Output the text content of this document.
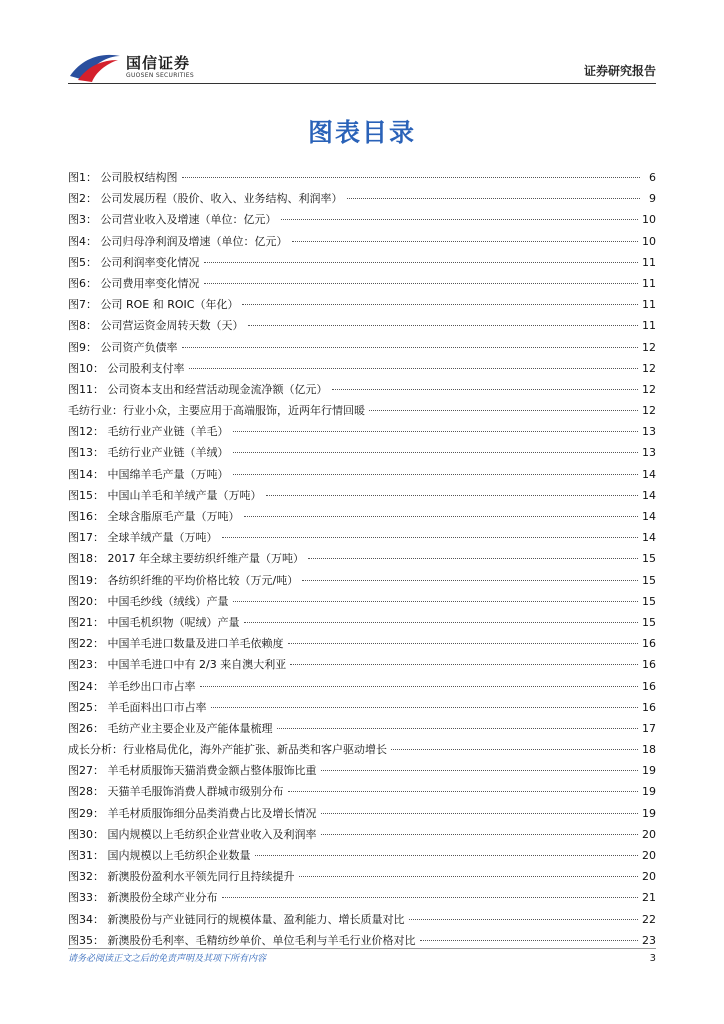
国信证券
GUOSEN SECURITIES	证券研究报告
图表目录
图1： 公司股权结构图	6
图2： 公司发展历程（股价、收入、业务结构、利润率）	9
图3： 公司营业收入及增速（单位：亿元）	10
图4： 公司归母净利润及增速（单位：亿元）	10
图5： 公司利润率变化情况	11
图6： 公司费用率变化情况	11
图7： 公司 ROE 和 ROIC（年化）	11
图8： 公司营运资金周转天数（天）	11
图9： 公司资产负债率	12
图10： 公司股利支付率	12
图11： 公司资本支出和经营活动现金流净额（亿元）	12
毛纺行业：行业小众，主要应用于高端服饰，近两年行情回暖	12
图12： 毛纺行业产业链（羊毛）	13
图13： 毛纺行业产业链（羊绒）	13
图14： 中国绵羊毛产量（万吨）	14
图15： 中国山羊毛和羊绒产量（万吨）	14
图16： 全球含脂原毛产量（万吨）	14
图17： 全球羊绒产量（万吨）	14
图18： 2017 年全球主要纺织纤维产量（万吨）	15
图19： 各纺织纤维的平均价格比较（万元/吨）	15
图20： 中国毛纱线（绒线）产量	15
图21： 中国毛机织物（呢绒）产量	15
图22： 中国羊毛进口数量及进口羊毛依赖度	16
图23： 中国羊毛进口中有 2/3 来自澳大利亚	16
图24： 羊毛纱出口市占率	16
图25： 羊毛面料出口市占率	16
图26： 毛纺产业主要企业及产能体量梳理	17
成长分析：行业格局优化，海外产能扩张、新品类和客户驱动增长	18
图27： 羊毛材质服饰天猫消费金额占整体服饰比重	19
图28： 天猫羊毛服饰消费人群城市级别分布	19
图29： 羊毛材质服饰细分品类消费占比及增长情况	19
图30： 国内规模以上毛纺织企业营业收入及利润率	20
图31： 国内规模以上毛纺织企业数量	20
图32： 新澳股份盈利水平领先同行且持续提升	20
图33： 新澳股份全球产业分布	21
图34： 新澳股份与产业链同行的规模体量、盈利能力、增长质量对比	22
图35： 新澳股份毛利率、毛精纺纱单价、单位毛利与羊毛行业价格对比	23
请务必阅读正文之后的免责声明及其项下所有内容	3
